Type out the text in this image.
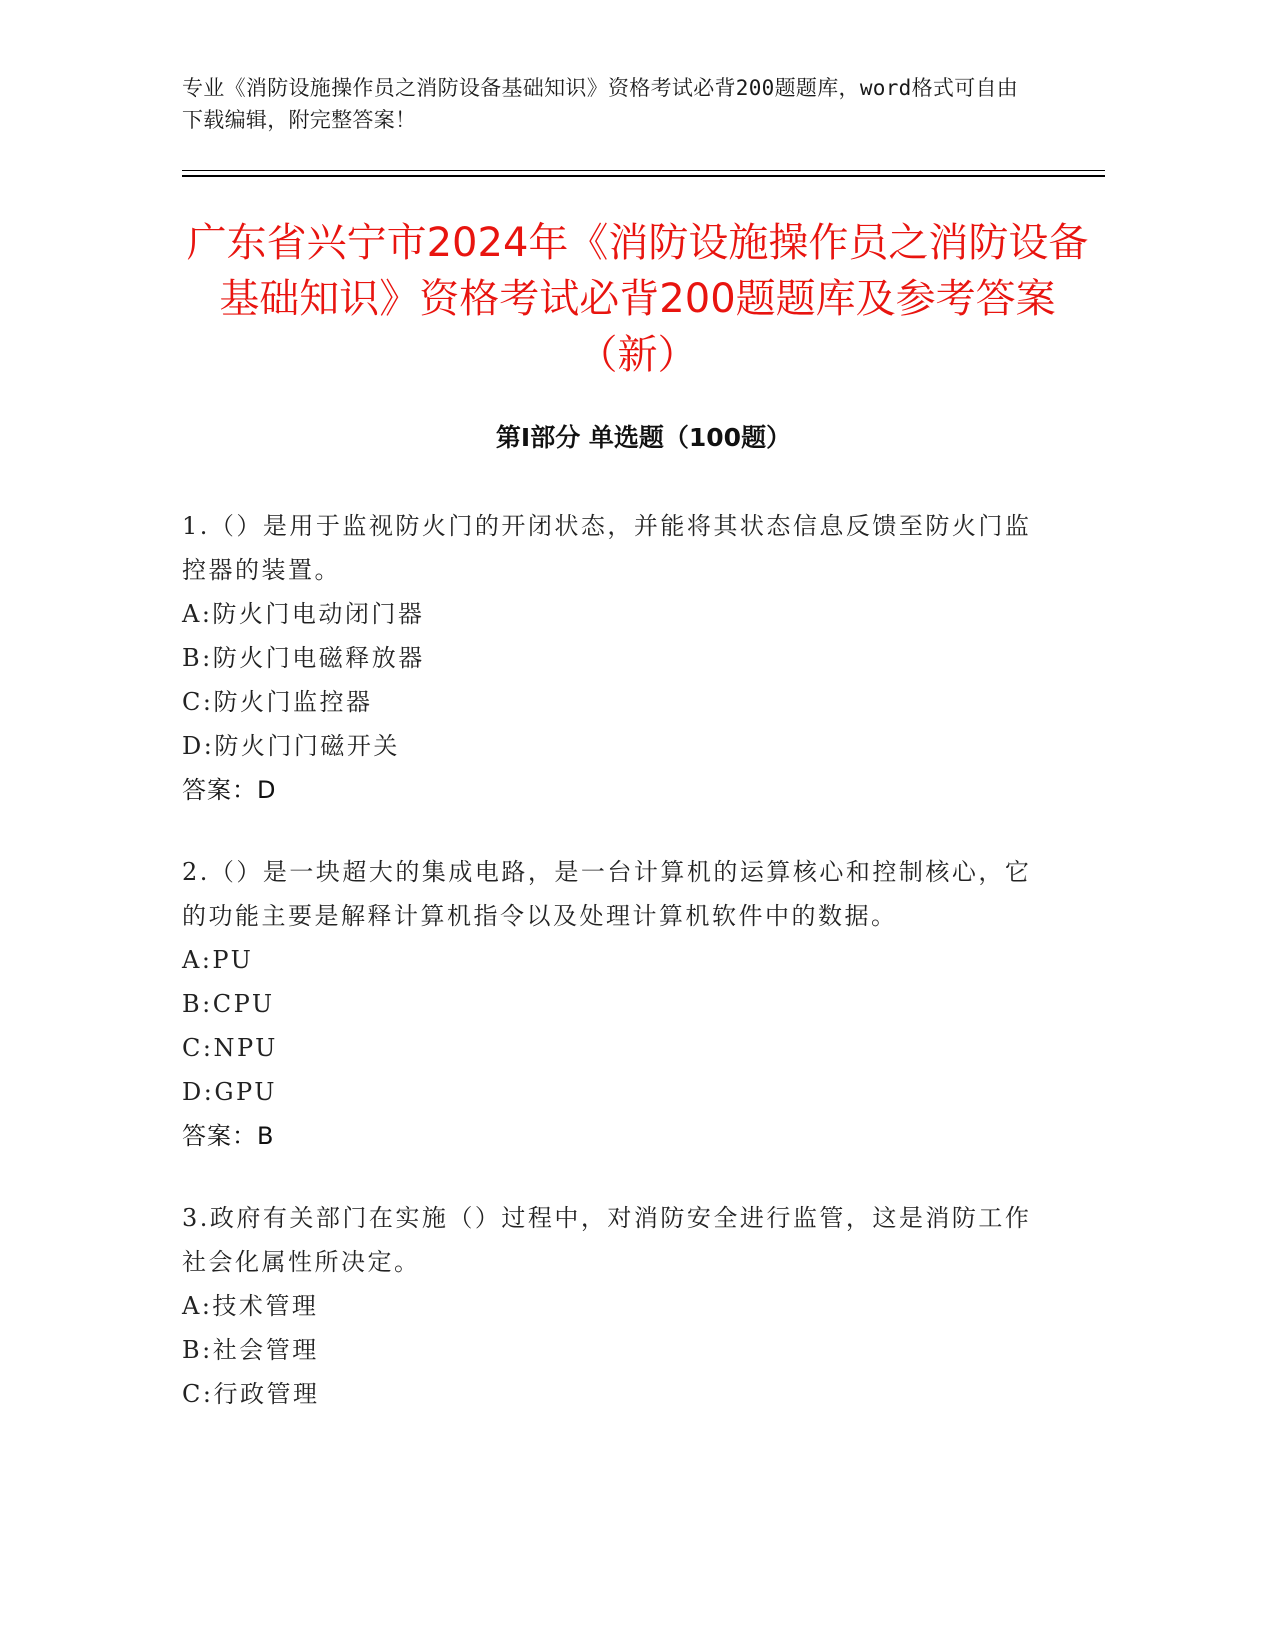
专业《消防设施操作员之消防设备基础知识》资格考试必背200题题库，word格式可自由下载编辑，附完整答案！
广东省兴宁市2024年《消防设施操作员之消防设备基础知识》资格考试必背200题题库及参考答案（新）
第Ⅰ部分 单选题（100题）

1.（）是用于监视防火门的开闭状态，并能将其状态信息反馈至防火门监控器的装置。

A:防火门电动闭门器

B:防火门电磁释放器

C:防火门监控器

D:防火门门磁开关

答案：D

2.（）是一块超大的集成电路，是一台计算机的运算核心和控制核心，它的功能主要是解释计算机指令以及处理计算机软件中的数据。

A:PU

B:CPU

C:NPU

D:GPU

答案：B

3.政府有关部门在实施（）过程中，对消防安全进行监管，这是消防工作社会化属性所决定。

A:技术管理

B:社会管理

C:行政管理
